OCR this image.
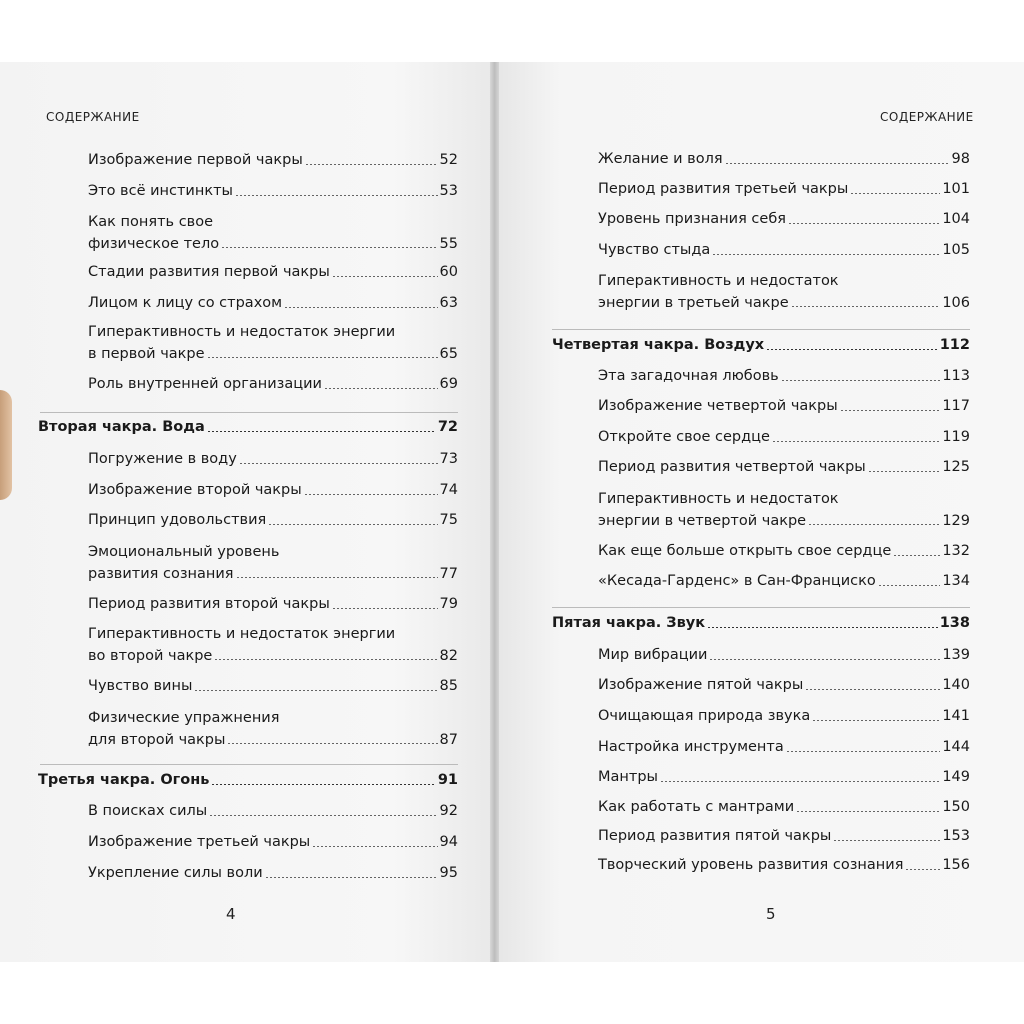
СОДЕРЖАНИЕ	СОДЕРЖАНИЕ
Изображение первой чакры	52
Это всё инстинкты	53
Как понять свое
физическое тело	55
Стадии развития первой чакры	60
Лицом к лицу со страхом	63
Гиперактивность и недостаток энергии
в первой чакре	65
Роль внутренней организации	69
Вторая чакра. Вода	72
Погружение в воду	73
Изображение второй чакры	74
Принцип удовольствия	75
Эмоциональный уровень
развития сознания	77
Период развития второй чакры	79
Гиперактивность и недостаток энергии
во второй чакре	82
Чувство вины	85
Физические упражнения
для второй чакры	87
Третья чакра. Огонь	91
В поисках силы	92
Изображение третьей чакры	94
Укрепление силы воли	95
Желание и воля	98
Период развития третьей чакры	101
Уровень признания себя	104
Чувство стыда	105
Гиперактивность и недостаток
энергии в третьей чакре	106
Четвертая чакра. Воздух	112
Эта загадочная любовь	113
Изображение четвертой чакры	117
Откройте свое сердце	119
Период развития четвертой чакры	125
Гиперактивность и недостаток
энергии в четвертой чакре	129
Как еще больше открыть свое сердце	132
«Кесада-Гарденс» в Сан-Франциско	134
Пятая чакра. Звук	138
Мир вибрации	139
Изображение пятой чакры	140
Очищающая природа звука	141
Настройка инструмента	144
Мантры	149
Как работать с мантрами	150
Период развития пятой чакры	153
Творческий уровень развития сознания	156
4	5
